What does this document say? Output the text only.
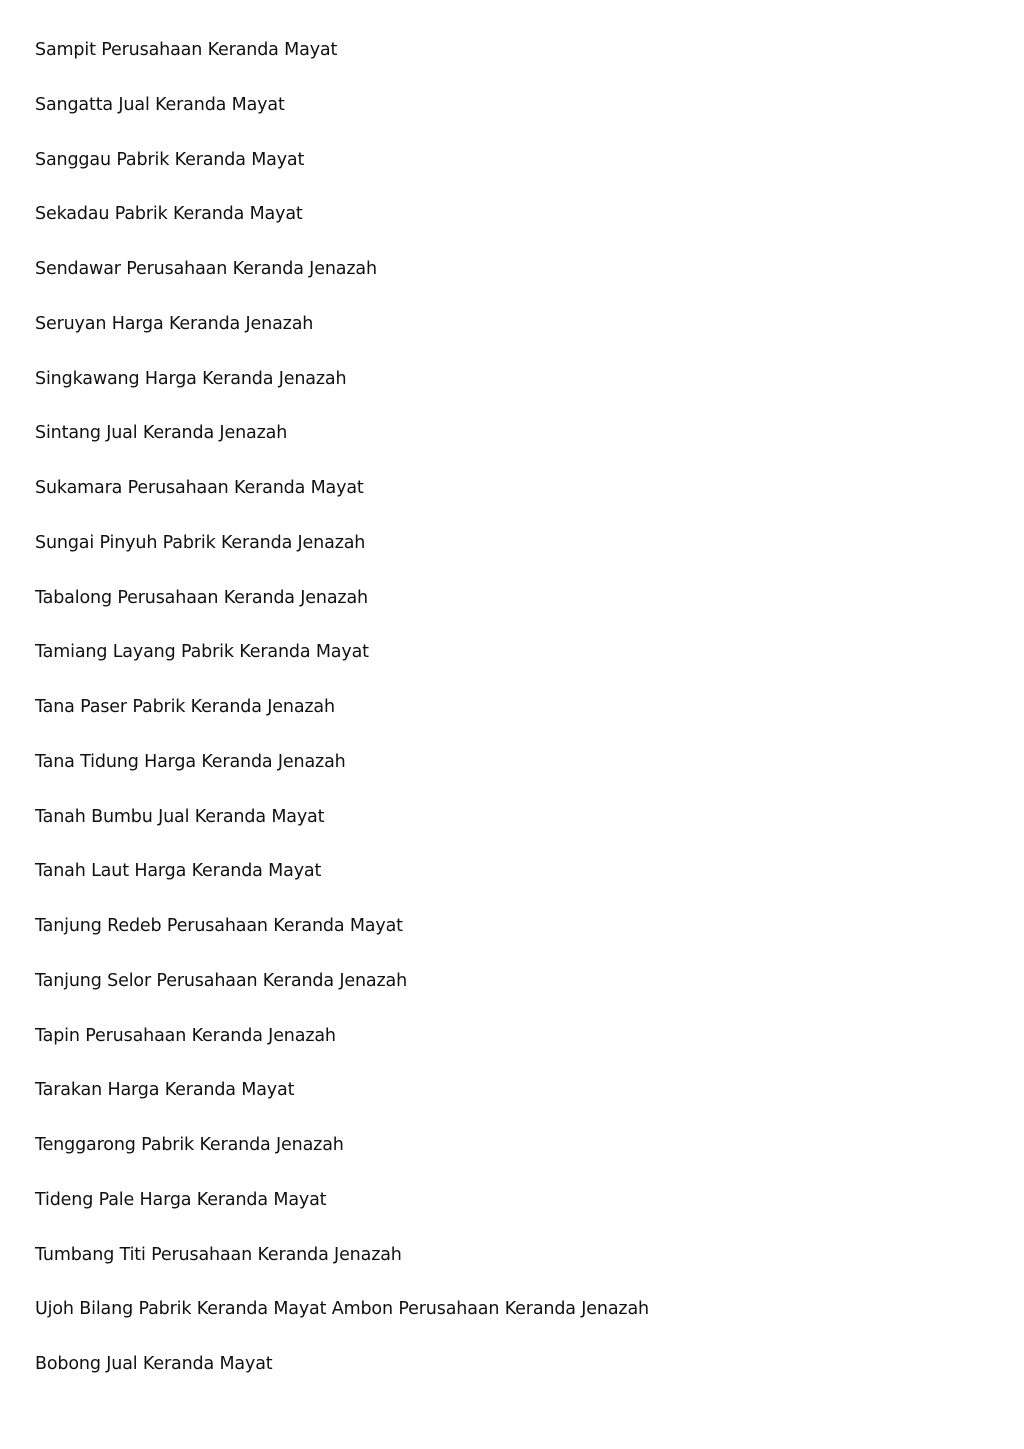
Sampit Perusahaan Keranda Mayat
Sangatta Jual Keranda Mayat
Sanggau Pabrik Keranda Mayat
Sekadau Pabrik Keranda Mayat
Sendawar Perusahaan Keranda Jenazah
Seruyan Harga Keranda Jenazah
Singkawang Harga Keranda Jenazah
Sintang Jual Keranda Jenazah
Sukamara Perusahaan Keranda Mayat
Sungai Pinyuh Pabrik Keranda Jenazah
Tabalong Perusahaan Keranda Jenazah
Tamiang Layang Pabrik Keranda Mayat
Tana Paser Pabrik Keranda Jenazah
Tana Tidung Harga Keranda Jenazah
Tanah Bumbu Jual Keranda Mayat
Tanah Laut Harga Keranda Mayat
Tanjung Redeb Perusahaan Keranda Mayat
Tanjung Selor Perusahaan Keranda Jenazah
Tapin Perusahaan Keranda Jenazah
Tarakan Harga Keranda Mayat
Tenggarong Pabrik Keranda Jenazah
Tideng Pale Harga Keranda Mayat
Tumbang Titi Perusahaan Keranda Jenazah
Ujoh Bilang Pabrik Keranda Mayat Ambon Perusahaan Keranda Jenazah
Bobong Jual Keranda Mayat
